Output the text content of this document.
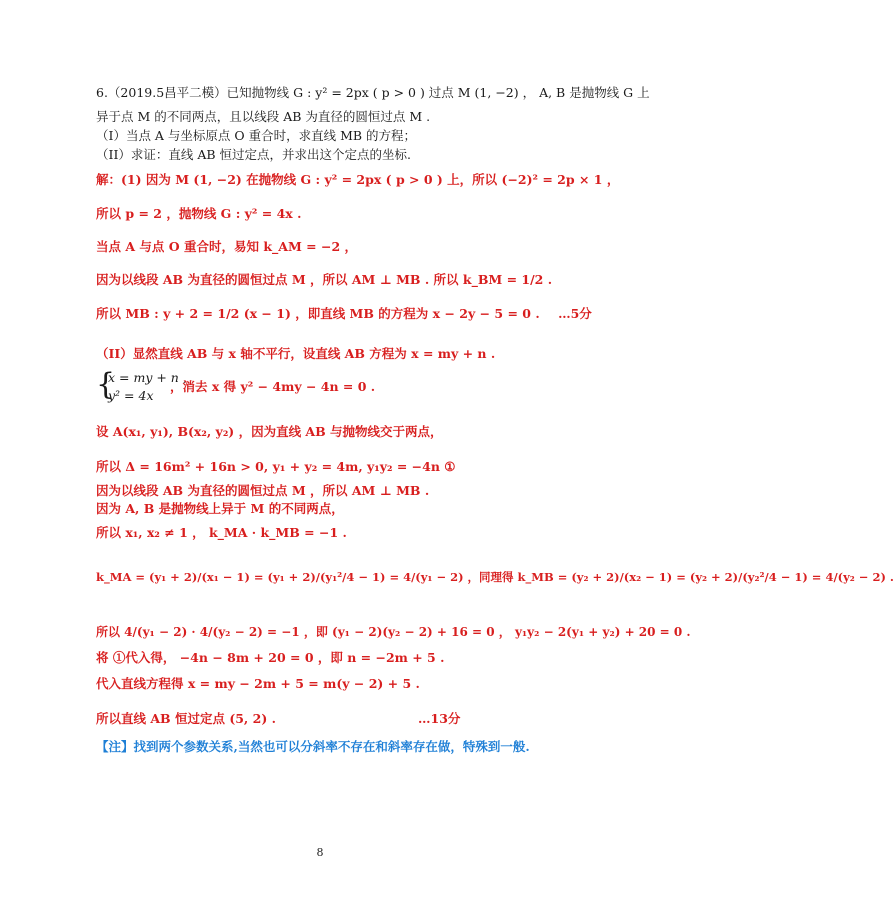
6.（2019.5昌平二模）已知抛物线 G : y² = 2px ( p > 0 ) 过点 M (1, −2) ， A, B 是抛物线 G 上
异于点 M 的不同两点，且以线段 AB 为直径的圆恒过点 M .
（I）当点 A 与坐标原点 O 重合时，求直线 MB 的方程；
（II）求证：直线 AB 恒过定点，并求出这个定点的坐标.
解：(1) 因为 M (1, −2) 在抛物线 G : y² = 2px ( p > 0 ) 上，所以 (−2)² = 2p × 1 ，
所以 p = 2 ，抛物线 G : y² = 4x .
当点 A 与点 O 重合时，易知 k_AM = −2 ，
因为以线段 AB 为直径的圆恒过点 M ，所以 AM ⊥ MB . 所以 k_BM = 1/2 .
所以 MB : y + 2 = 1/2 (x − 1) ，即直线 MB 的方程为 x − 2y − 5 = 0 . …5分
（II）显然直线 AB 与 x 轴不平行，设直线 AB 方程为 x = my + n .
{
x = my + n ,
y² = 4x
，消去 x 得 y² − 4my − 4n = 0 .
设 A(x₁, y₁), B(x₂, y₂) ，因为直线 AB 与抛物线交于两点，
所以 Δ = 16m² + 16n > 0, y₁ + y₂ = 4m, y₁y₂ = −4n ①
因为以线段 AB 为直径的圆恒过点 M ，所以 AM ⊥ MB .
因为 A, B 是抛物线上异于 M 的不同两点，
所以 x₁, x₂ ≠ 1 ， k_MA · k_MB = −1 .
k_MA = (y₁ + 2)/(x₁ − 1) = (y₁ + 2)/(y₁²/4 − 1) = 4/(y₁ − 2) ，同理得 k_MB = (y₂ + 2)/(x₂ − 1) = (y₂ + 2)/(y₂²/4 − 1) = 4/(y₂ − 2) .
所以 4/(y₁ − 2) · 4/(y₂ − 2) = −1 ，即 (y₁ − 2)(y₂ − 2) + 16 = 0 ， y₁y₂ − 2(y₁ + y₂) + 20 = 0 .
将 ①代入得， −4n − 8m + 20 = 0 ，即 n = −2m + 5 .
代入直线方程得 x = my − 2m + 5 = m(y − 2) + 5 .
所以直线 AB 恒过定点 (5, 2) .	…13分
【注】找到两个参数关系,当然也可以分斜率不存在和斜率存在做，特殊到一般.
8
